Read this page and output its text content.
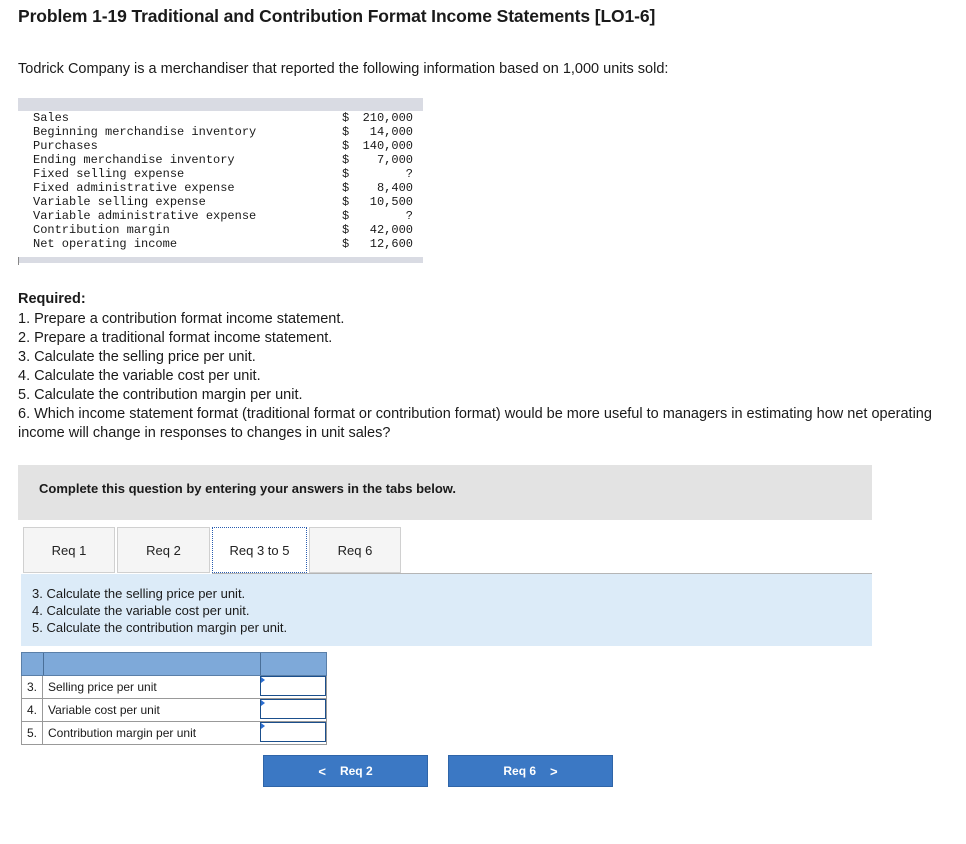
Problem 1-19 Traditional and Contribution Format Income Statements [LO1-6]
Todrick Company is a merchandiser that reported the following information based on 1,000 units sold:
Sales	$ 210,000
Beginning merchandise inventory	$ 14,000
Purchases	$ 140,000
Ending merchandise inventory	$ 7,000
Fixed selling expense	$	?
Fixed administrative expense	$ 8,400
Variable selling expense	$ 10,500
Variable administrative expense	$	?
Contribution margin	$ 42,000
Net operating income	$ 12,600
Required:
1. Prepare a contribution format income statement.
2. Prepare a traditional format income statement.
3. Calculate the selling price per unit.
4. Calculate the variable cost per unit.
5. Calculate the contribution margin per unit.
6. Which income statement format (traditional format or contribution format) would be more useful to managers in estimating how net operating income will change in responses to changes in unit sales?
Complete this question by entering your answers in the tabs below.
Req 1	Req 2	Req 3 to 5	Req 6
3. Calculate the selling price per unit.
4. Calculate the variable cost per unit.
5. Calculate the contribution margin per unit.
3. Selling price per unit
4. Variable cost per unit
5. Contribution margin per unit
< Req 2	Req 6 >
